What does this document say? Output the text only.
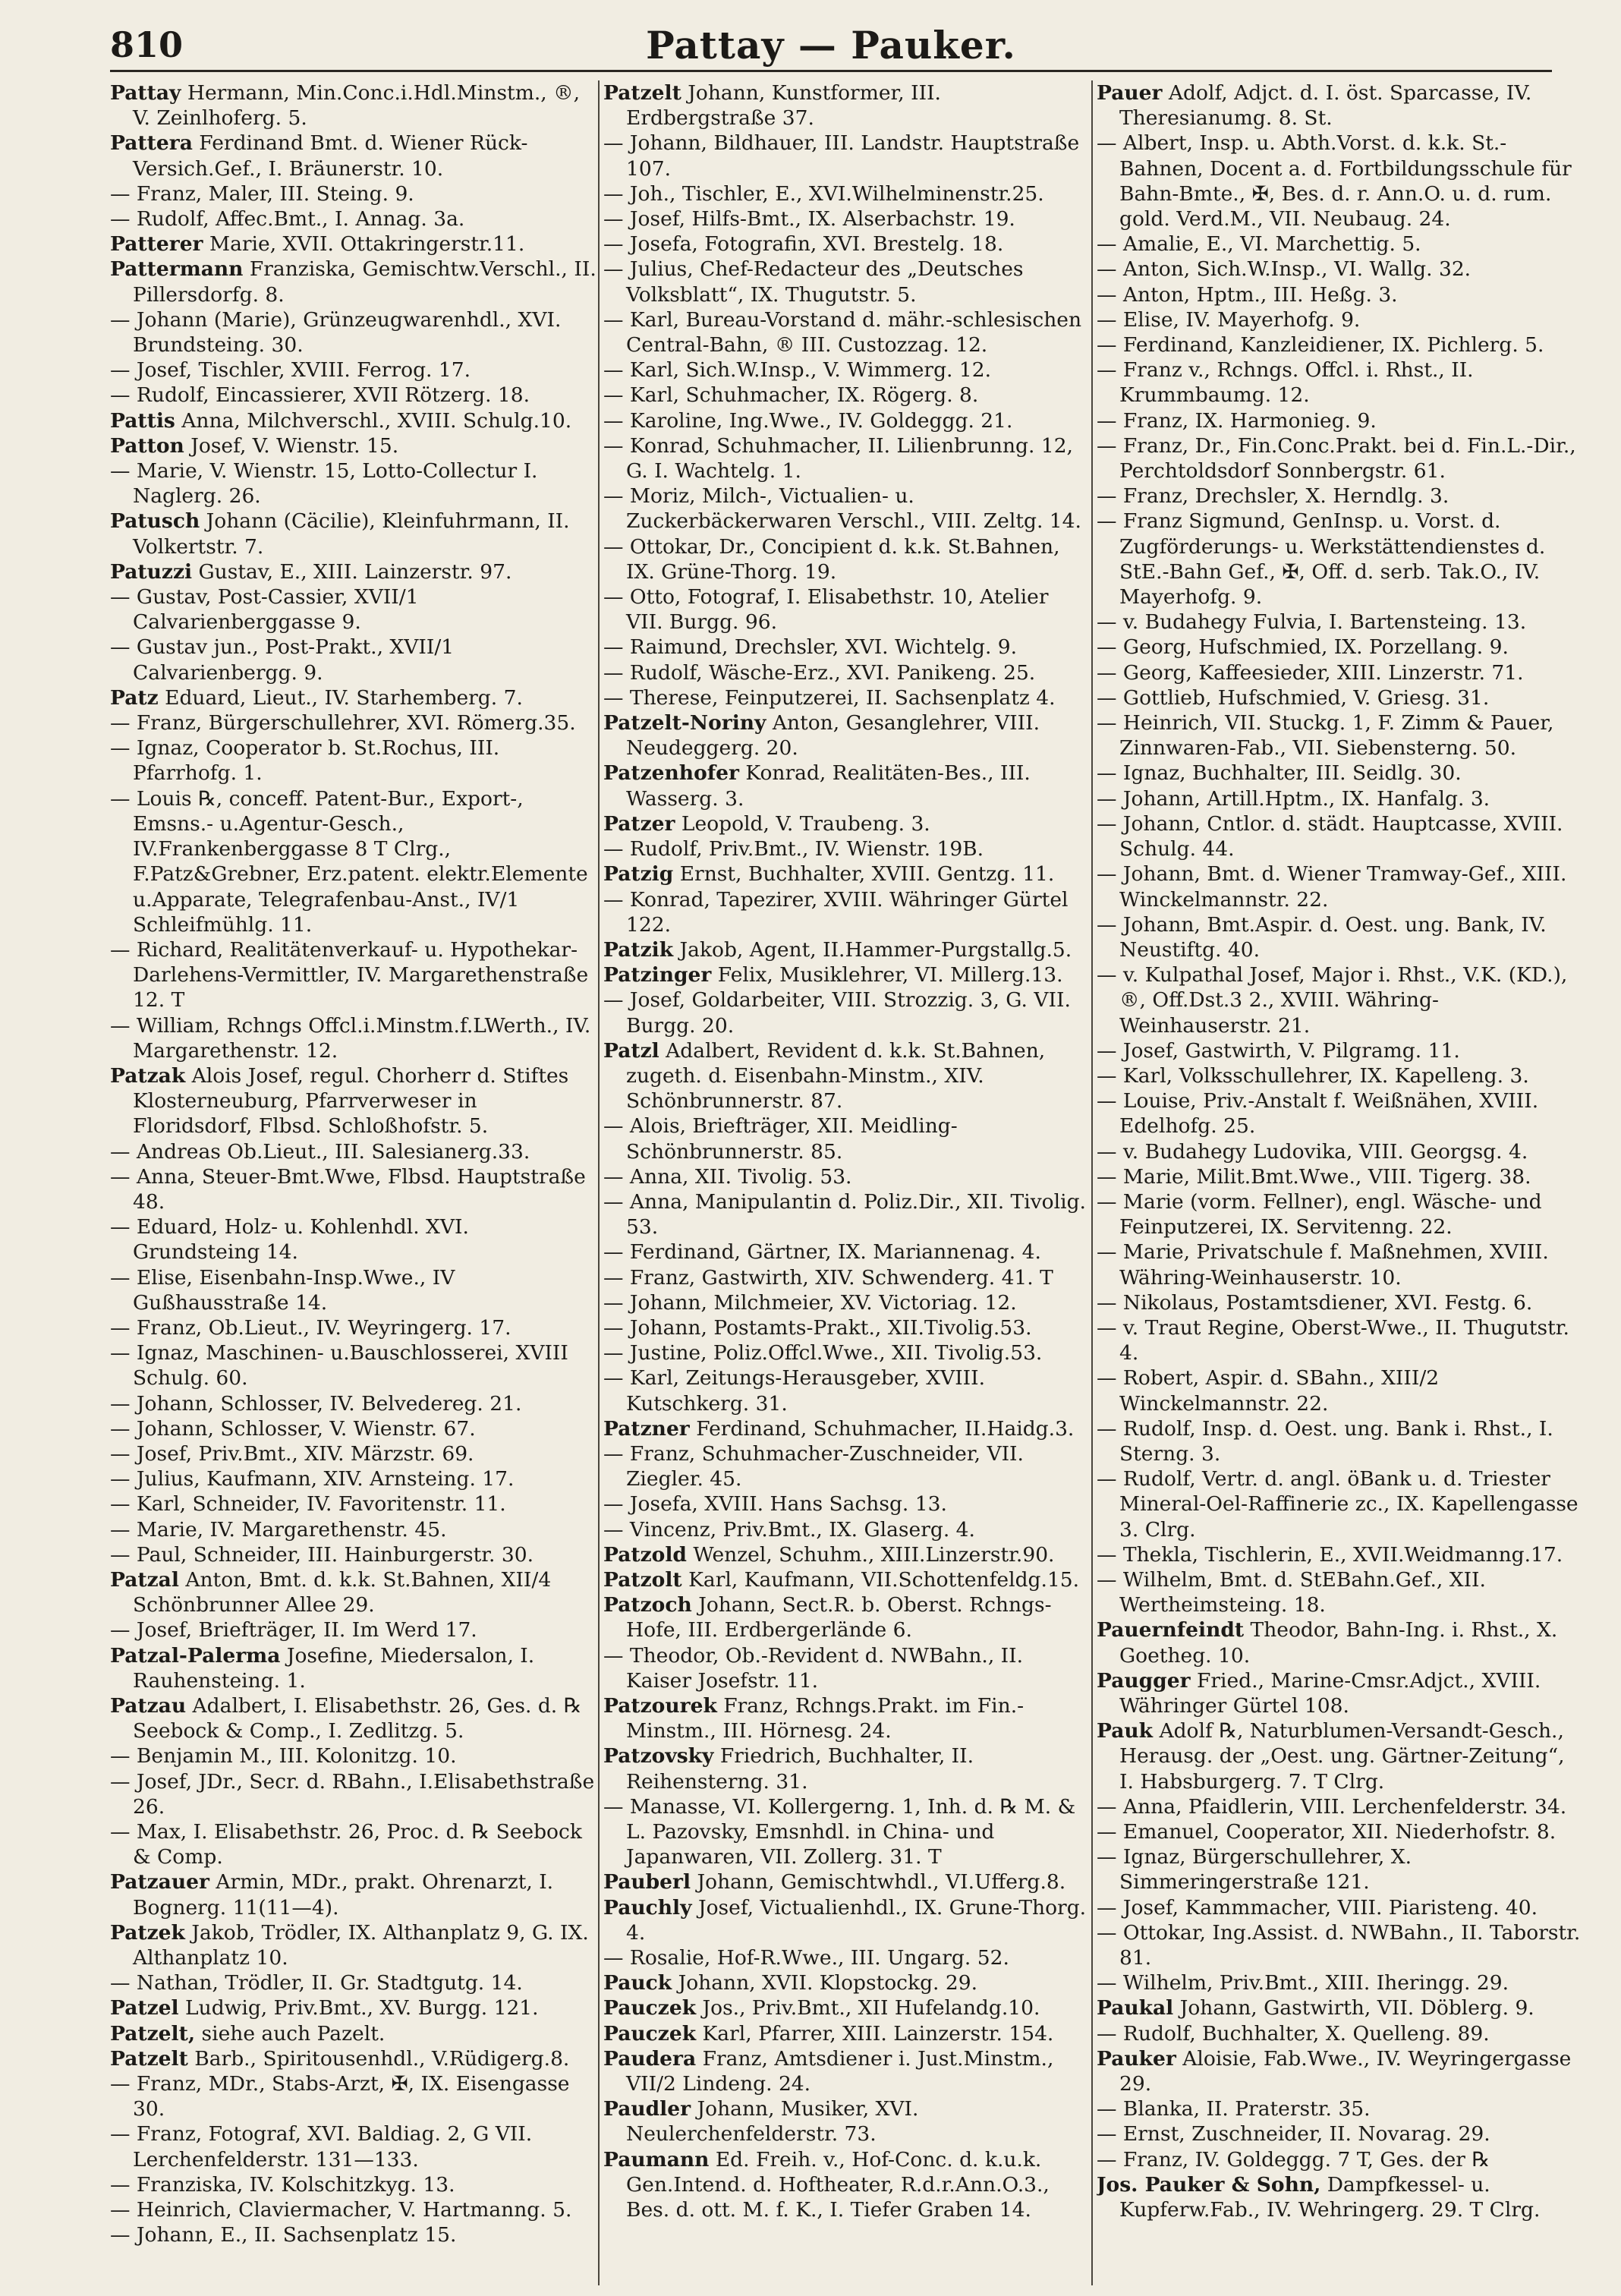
810	Pattay — Pauker.
Pattay Hermann, Min.Conc.i.Hdl.Minstm., ®, V. Zeinlhoferg. 5.
Pattera Ferdinand Bmt. d. Wiener Rück-Versich.Gef., I. Bräunerstr. 10.
— Franz, Maler, III. Steing. 9.
— Rudolf, Affec.Bmt., I. Annag. 3a.
Patterer Marie, XVII. Ottakringerstr.11.
Pattermann Franziska, Gemischtw.Verschl., II. Pillersdorfg. 8.
— Johann (Marie), Grünzeugwarenhdl., XVI. Brundsteing. 30.
— Josef, Tischler, XVIII. Ferrog. 17.
— Rudolf, Eincassierer, XVII Rötzerg. 18.
Pattis Anna, Milchverschl., XVIII. Schulg.10.
Patton Josef, V. Wienstr. 15.
— Marie, V. Wienstr. 15, Lotto-Collectur I. Naglerg. 26.
Patusch Johann (Cäcilie), Kleinfuhrmann, II. Volkertstr. 7.
Patuzzi Gustav, E., XIII. Lainzerstr. 97.
— Gustav, Post-Cassier, XVII/1 Calvarienberggasse 9.
— Gustav jun., Post-Prakt., XVII/1 Calvarienbergg. 9.
Patz Eduard, Lieut., IV. Starhemberg. 7.
— Franz, Bürgerschullehrer, XVI. Römerg.35.
— Ignaz, Cooperator b. St.Rochus, III. Pfarrhofg. 1.
— Louis ℞, conceff. Patent-Bur., Export-, Emsns.- u.Agentur-Gesch., IV.Frankenberggasse 8 T Clrg., F.Patz&Grebner, Erz.patent. elektr.Elemente u.Apparate, Telegrafenbau-Anst., IV/1 Schleifmühlg. 11.
— Richard, Realitätenverkauf- u. Hypothekar-Darlehens-Vermittler, IV. Margarethenstraße 12. T
— William, Rchngs Offcl.i.Minstm.f.LWerth., IV. Margarethenstr. 12.
Patzak Alois Josef, regul. Chorherr d. Stiftes Klosterneuburg, Pfarrverweser in Floridsdorf, Flbsd. Schloßhofstr. 5.
— Andreas Ob.Lieut., III. Salesianerg.33.
— Anna, Steuer-Bmt.Wwe, Flbsd. Hauptstraße 48.
— Eduard, Holz- u. Kohlenhdl. XVI. Grundsteing 14.
— Elise, Eisenbahn-Insp.Wwe., IV Gußhausstraße 14.
— Franz, Ob.Lieut., IV. Weyringerg. 17.
— Ignaz, Maschinen- u.Bauschlosserei, XVIII Schulg. 60.
— Johann, Schlosser, IV. Belvedereg. 21.
— Johann, Schlosser, V. Wienstr. 67.
— Josef, Priv.Bmt., XIV. Märzstr. 69.
— Julius, Kaufmann, XIV. Arnsteing. 17.
— Karl, Schneider, IV. Favoritenstr. 11.
— Marie, IV. Margarethenstr. 45.
— Paul, Schneider, III. Hainburgerstr. 30.
Patzal Anton, Bmt. d. k.k. St.Bahnen, XII/4 Schönbrunner Allee 29.
— Josef, Briefträger, II. Im Werd 17.
Patzal-Palerma Josefine, Miedersalon, I. Rauhensteing. 1.
Patzau Adalbert, I. Elisabethstr. 26, Ges. d. ℞ Seebock & Comp., I. Zedlitzg. 5.
— Benjamin M., III. Kolonitzg. 10.
— Josef, JDr., Secr. d. RBahn., I.Elisabethstraße 26.
— Max, I. Elisabethstr. 26, Proc. d. ℞ Seebock & Comp.
Patzauer Armin, MDr., prakt. Ohrenarzt, I. Bognerg. 11(11—4).
Patzek Jakob, Trödler, IX. Althanplatz 9, G. IX. Althanplatz 10.
— Nathan, Trödler, II. Gr. Stadtgutg. 14.
Patzel Ludwig, Priv.Bmt., XV. Burgg. 121.
Patzelt, siehe auch Pazelt.
Patzelt Barb., Spiritousenhdl., V.Rüdigerg.8.
— Franz, MDr., Stabs-Arzt, ✠, IX. Eisengasse 30.
— Franz, Fotograf, XVI. Baldiag. 2, G VII. Lerchenfelderstr. 131—133.
— Franziska, IV. Kolschitzkyg. 13.
— Heinrich, Claviermacher, V. Hartmanng. 5.
— Johann, E., II. Sachsenplatz 15.
Patzelt Johann, Kunstformer, III. Erdbergstraße 37.
— Johann, Bildhauer, III. Landstr. Hauptstraße 107.
— Joh., Tischler, E., XVI.Wilhelminenstr.25.
— Josef, Hilfs-Bmt., IX. Alserbachstr. 19.
— Josefa, Fotografin, XVI. Brestelg. 18.
— Julius, Chef-Redacteur des „Deutsches Volksblatt“, IX. Thugutstr. 5.
— Karl, Bureau-Vorstand d. mähr.-schlesischen Central-Bahn, ® III. Custozzag. 12.
— Karl, Sich.W.Insp., V. Wimmerg. 12.
— Karl, Schuhmacher, IX. Rögerg. 8.
— Karoline, Ing.Wwe., IV. Goldeggg. 21.
— Konrad, Schuhmacher, II. Lilienbrunng. 12, G. I. Wachtelg. 1.
— Moriz, Milch-, Victualien- u. Zuckerbäckerwaren Verschl., VIII. Zeltg. 14.
— Ottokar, Dr., Concipient d. k.k. St.Bahnen, IX. Grüne-Thorg. 19.
— Otto, Fotograf, I. Elisabethstr. 10, Atelier VII. Burgg. 96.
— Raimund, Drechsler, XVI. Wichtelg. 9.
— Rudolf, Wäsche-Erz., XVI. Panikeng. 25.
— Therese, Feinputzerei, II. Sachsenplatz 4.
Patzelt-Noriny Anton, Gesanglehrer, VIII. Neudeggerg. 20.
Patzenhofer Konrad, Realitäten-Bes., III. Wasserg. 3.
Patzer Leopold, V. Traubeng. 3.
— Rudolf, Priv.Bmt., IV. Wienstr. 19B.
Patzig Ernst, Buchhalter, XVIII. Gentzg. 11.
— Konrad, Tapezirer, XVIII. Währinger Gürtel 122.
Patzik Jakob, Agent, II.Hammer-Purgstallg.5.
Patzinger Felix, Musiklehrer, VI. Millerg.13.
— Josef, Goldarbeiter, VIII. Strozzig. 3, G. VII. Burgg. 20.
Patzl Adalbert, Revident d. k.k. St.Bahnen, zugeth. d. Eisenbahn-Minstm., XIV. Schönbrunnerstr. 87.
— Alois, Briefträger, XII. Meidling-Schönbrunnerstr. 85.
— Anna, XII. Tivolig. 53.
— Anna, Manipulantin d. Poliz.Dir., XII. Tivolig. 53.
— Ferdinand, Gärtner, IX. Mariannenag. 4.
— Franz, Gastwirth, XIV. Schwenderg. 41. T
— Johann, Milchmeier, XV. Victoriag. 12.
— Johann, Postamts-Prakt., XII.Tivolig.53.
— Justine, Poliz.Offcl.Wwe., XII. Tivolig.53.
— Karl, Zeitungs-Herausgeber, XVIII. Kutschkerg. 31.
Patzner Ferdinand, Schuhmacher, II.Haidg.3.
— Franz, Schuhmacher-Zuschneider, VII. Ziegler. 45.
— Josefa, XVIII. Hans Sachsg. 13.
— Vincenz, Priv.Bmt., IX. Glaserg. 4.
Patzold Wenzel, Schuhm., XIII.Linzerstr.90.
Patzolt Karl, Kaufmann, VII.Schottenfeldg.15.
Patzoch Johann, Sect.R. b. Oberst. Rchngs-Hofe, III. Erdbergerlände 6.
— Theodor, Ob.-Revident d. NWBahn., II. Kaiser Josefstr. 11.
Patzourek Franz, Rchngs.Prakt. im Fin.-Minstm., III. Hörnesg. 24.
Patzovsky Friedrich, Buchhalter, II. Reihensterng. 31.
— Manasse, VI. Kollergerng. 1, Inh. d. ℞ M. & L. Pazovsky, Emsnhdl. in China- und Japanwaren, VII. Zollerg. 31. T
Pauberl Johann, Gemischtwhdl., VI.Ufferg.8.
Pauchly Josef, Victualienhdl., IX. Grune-Thorg. 4.
— Rosalie, Hof-R.Wwe., III. Ungarg. 52.
Pauck Johann, XVII. Klopstockg. 29.
Pauczek Jos., Priv.Bmt., XII Hufelandg.10.
Pauczek Karl, Pfarrer, XIII. Lainzerstr. 154.
Paudera Franz, Amtsdiener i. Just.Minstm., VII/2 Lindeng. 24.
Paudler Johann, Musiker, XVI. Neulerchenfelderstr. 73.
Paumann Ed. Freih. v., Hof-Conc. d. k.u.k. Gen.Intend. d. Hoftheater, R.d.r.Ann.O.3., Bes. d. ott. M. f. K., I. Tiefer Graben 14.
Pauer Adolf, Adjct. d. I. öst. Sparcasse, IV. Theresianumg. 8. St.
— Albert, Insp. u. Abth.Vorst. d. k.k. St.-Bahnen, Docent a. d. Fortbildungsschule für Bahn-Bmte., ✠, Bes. d. r. Ann.O. u. d. rum. gold. Verd.M., VII. Neubaug. 24.
— Amalie, E., VI. Marchettig. 5.
— Anton, Sich.W.Insp., VI. Wallg. 32.
— Anton, Hptm., III. Heßg. 3.
— Elise, IV. Mayerhofg. 9.
— Ferdinand, Kanzleidiener, IX. Pichlerg. 5.
— Franz v., Rchngs. Offcl. i. Rhst., II. Krummbaumg. 12.
— Franz, IX. Harmonieg. 9.
— Franz, Dr., Fin.Conc.Prakt. bei d. Fin.L.-Dir., Perchtoldsdorf Sonnbergstr. 61.
— Franz, Drechsler, X. Herndlg. 3.
— Franz Sigmund, GenInsp. u. Vorst. d. Zugförderungs- u. Werkstättendienstes d. StE.-Bahn Gef., ✠, Off. d. serb. Tak.O., IV. Mayerhofg. 9.
— v. Budahegy Fulvia, I. Bartensteing. 13.
— Georg, Hufschmied, IX. Porzellang. 9.
— Georg, Kaffeesieder, XIII. Linzerstr. 71.
— Gottlieb, Hufschmied, V. Griesg. 31.
— Heinrich, VII. Stuckg. 1, F. Zimm & Pauer, Zinnwaren-Fab., VII. Siebensterng. 50.
— Ignaz, Buchhalter, III. Seidlg. 30.
— Johann, Artill.Hptm., IX. Hanfalg. 3.
— Johann, Cntlor. d. städt. Hauptcasse, XVIII. Schulg. 44.
— Johann, Bmt. d. Wiener Tramway-Gef., XIII. Winckelmannstr. 22.
— Johann, Bmt.Aspir. d. Oest. ung. Bank, IV. Neustiftg. 40.
— v. Kulpathal Josef, Major i. Rhst., V.K. (KD.), ®, Off.Dst.3 2., XVIII. Währing-Weinhauserstr. 21.
— Josef, Gastwirth, V. Pilgramg. 11.
— Karl, Volksschullehrer, IX. Kapelleng. 3.
— Louise, Priv.-Anstalt f. Weißnähen, XVIII. Edelhofg. 25.
— v. Budahegy Ludovika, VIII. Georgsg. 4.
— Marie, Milit.Bmt.Wwe., VIII. Tigerg. 38.
— Marie (vorm. Fellner), engl. Wäsche- und Feinputzerei, IX. Servitenng. 22.
— Marie, Privatschule f. Maßnehmen, XVIII. Währing-Weinhauserstr. 10.
— Nikolaus, Postamtsdiener, XVI. Festg. 6.
— v. Traut Regine, Oberst-Wwe., II. Thugutstr. 4.
— Robert, Aspir. d. SBahn., XIII/2 Winckelmannstr. 22.
— Rudolf, Insp. d. Oest. ung. Bank i. Rhst., I. Sterng. 3.
— Rudolf, Vertr. d. angl. öBank u. d. Triester Mineral-Oel-Raffinerie zc., IX. Kapellengasse 3. Clrg.
— Thekla, Tischlerin, E., XVII.Weidmanng.17.
— Wilhelm, Bmt. d. StEBahn.Gef., XII. Wertheimsteing. 18.
Pauernfeindt Theodor, Bahn-Ing. i. Rhst., X. Goetheg. 10.
Paugger Fried., Marine-Cmsr.Adjct., XVIII. Währinger Gürtel 108.
Pauk Adolf ℞, Naturblumen-Versandt-Gesch., Herausg. der „Oest. ung. Gärtner-Zeitung“, I. Habsburgerg. 7. T Clrg.
— Anna, Pfaidlerin, VIII. Lerchenfelderstr. 34.
— Emanuel, Cooperator, XII. Niederhofstr. 8.
— Ignaz, Bürgerschullehrer, X. Simmeringerstraße 121.
— Josef, Kammmacher, VIII. Piaristeng. 40.
— Ottokar, Ing.Assist. d. NWBahn., II. Taborstr. 81.
— Wilhelm, Priv.Bmt., XIII. Iheringg. 29.
Paukal Johann, Gastwirth, VII. Döblerg. 9.
— Rudolf, Buchhalter, X. Quelleng. 89.
Pauker Aloisie, Fab.Wwe., IV. Weyringergasse 29.
— Blanka, II. Praterstr. 35.
— Ernst, Zuschneider, II. Novarag. 29.
— Franz, IV. Goldeggg. 7 T, Ges. der ℞
Jos. Pauker & Sohn, Dampfkessel- u. Kupferw.Fab., IV. Wehringerg. 29. T Clrg.
